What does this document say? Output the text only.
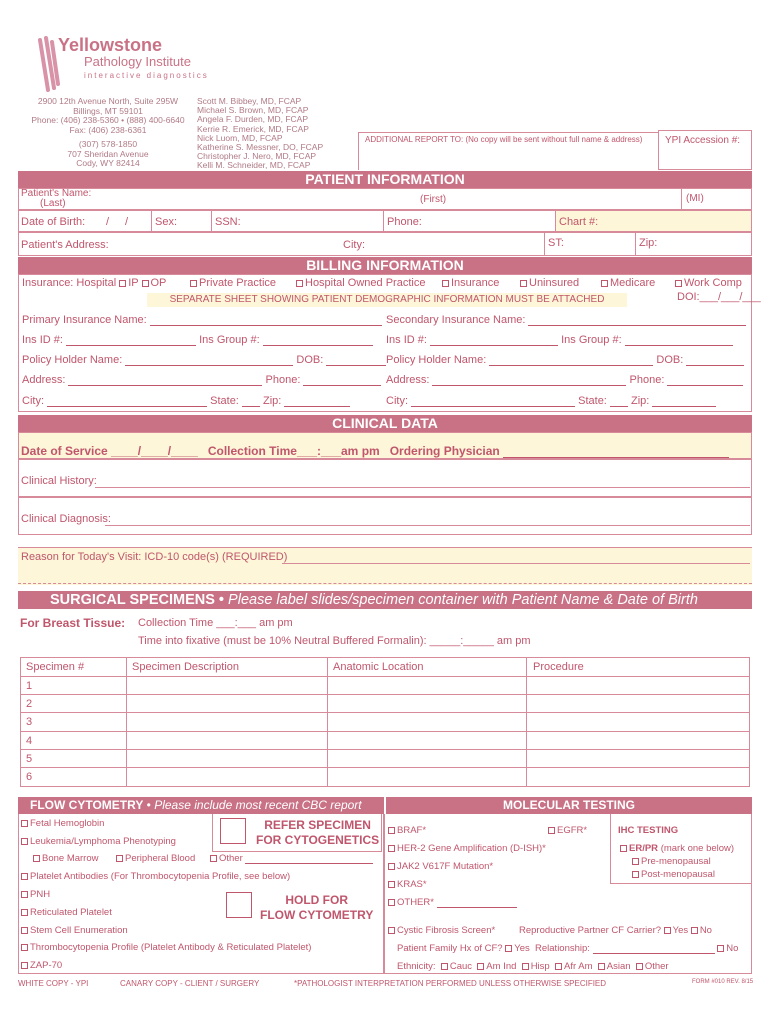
Yellowstone
Pathology Institute
interactive diagnostics
2900 12th Avenue North, Suite 295W
Billings, MT 59101
Phone: (406) 238-5360 • (888) 400-6640
Fax: (406) 238-6361
(307) 578-1850
707 Sheridan Avenue
Cody, WY 82414
Scott M. Bibbey, MD, FCAP
Michael S. Brown, MD, FCAP
Angela F. Durden, MD, FCAP
Kerrie R. Emerick, MD, FCAP
Nick Luom, MD, FCAP
Katherine S. Messner, DO, FCAP
Christopher J. Nero, MD, FCAP
Kelli M. Schneider, MD, FCAP
ADDITIONAL REPORT TO: (No copy will be sent without full name & address) YPI Accession #:
PATIENT INFORMATION
Patient's Name:
(Last)	(First)	(MI)
Date of Birth: / / Sex:	SSN:	Phone:	Chart #:
Patient's Address:	City:	ST:	Zip:
BILLING INFORMATION
Insurance: Hospital IP OP	Private Practice	Hospital Owned Practice	Insurance	Uninsured	Medicare	Work Comp
DOI:___/___/___
SEPARATE SHEET SHOWING PATIENT DEMOGRAPHIC INFORMATION MUST BE ATTACHED
Primary Insurance Name:	Secondary Insurance Name:
Ins ID #:	Ins Group #:	Ins ID #:	Ins Group #:
Policy Holder Name:	DOB:	Policy Holder Name:	DOB:
Address:	Phone:	Address:	Phone:
City:	State: Zip:	City:	State: Zip:
CLINICAL DATA
Date of Service ____/____/____ Collection Time___:___am pm Ordering Physician
Clinical History:
Clinical Diagnosis:
Reason for Today's Visit: ICD-10 code(s) (REQUIRED)
SURGICAL SPECIMENS • Please label slides/specimen container with Patient Name & Date of Birth
For Breast Tissue: Collection Time ___:___ am pm
Time into fixative (must be 10% Neutral Buffered Formalin): _____:_____ am pm
Specimen #	Specimen Description	Anatomic Location	Procedure
1
2
3
4
5
6
FLOW CYTOMETRY • Please include most recent CBC report	MOLECULAR TESTING
Fetal Hemoglobin
Leukemia/Lymphoma Phenotyping
Bone Marrow	Peripheral Blood	Other
Platelet Antibodies (For Thrombocytopenia Profile, see below)
PNH
Reticulated Platelet
Stem Cell Enumeration
Thrombocytopenia Profile (Platelet Antibody & Reticulated Platelet)
ZAP-70
REFER SPECIMEN
FOR CYTOGENETICS
HOLD FOR
FLOW CYTOMETRY
BRAF*	EGFR*
HER-2 Gene Amplification (D-ISH)*
JAK2 V617F Mutation*
KRAS*
OTHER*
IHC TESTING
ER/PR (mark one below)
Pre-menopausal
Post-menopausal
Cystic Fibrosis Screen*	Reproductive Partner CF Carrier? Yes No
Patient Family Hx of CF? Yes Relationship:	No
Ethnicity: Cauc Am Ind Hisp Afr Am Asian Other
WHITE COPY - YPI	CANARY COPY - CLIENT / SURGERY	*PATHOLOGIST INTERPRETATION PERFORMED UNLESS OTHERWISE SPECIFIED	FORM #010 REV. 8/15
